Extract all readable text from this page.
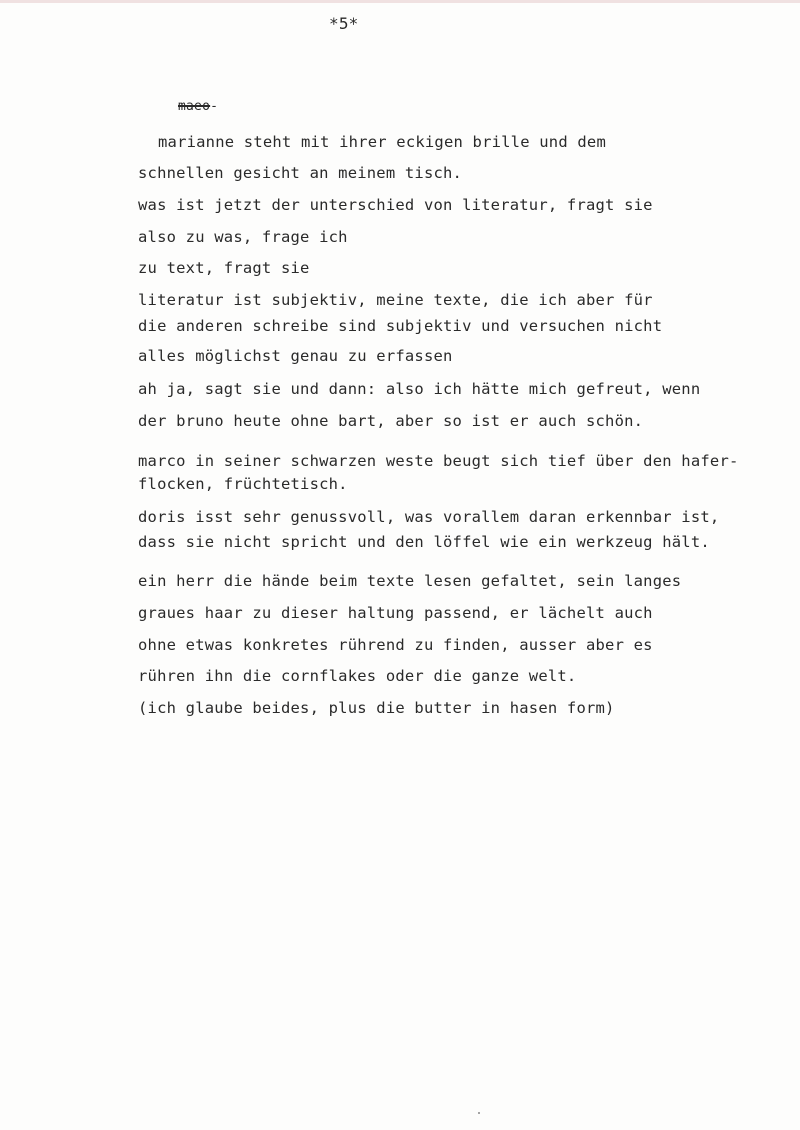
*5*
maeo-
marianne steht mit ihrer eckigen brille und dem
schnellen gesicht an meinem tisch.
was ist jetzt der unterschied von literatur, fragt sie
also zu was, frage ich
zu text, fragt sie
literatur ist subjektiv, meine texte, die ich aber für
die anderen schreibe sind subjektiv und versuchen nicht
alles möglichst genau zu erfassen
ah ja, sagt sie und dann: also ich hätte mich gefreut, wenn
der bruno heute ohne bart, aber so ist er auch schön.
marco in seiner schwarzen weste beugt sich tief über den hafer-
flocken, früchtetisch.
doris isst sehr genussvoll, was vorallem daran erkennbar ist,
dass sie nicht spricht und den löffel wie ein werkzeug hält.
ein herr die hände beim texte lesen gefaltet, sein langes
graues haar zu dieser haltung passend, er lächelt auch
ohne etwas konkretes rührend zu finden, ausser aber es
rühren ihn die cornflakes oder die ganze welt.
(ich glaube beides, plus die butter in hasen form)
